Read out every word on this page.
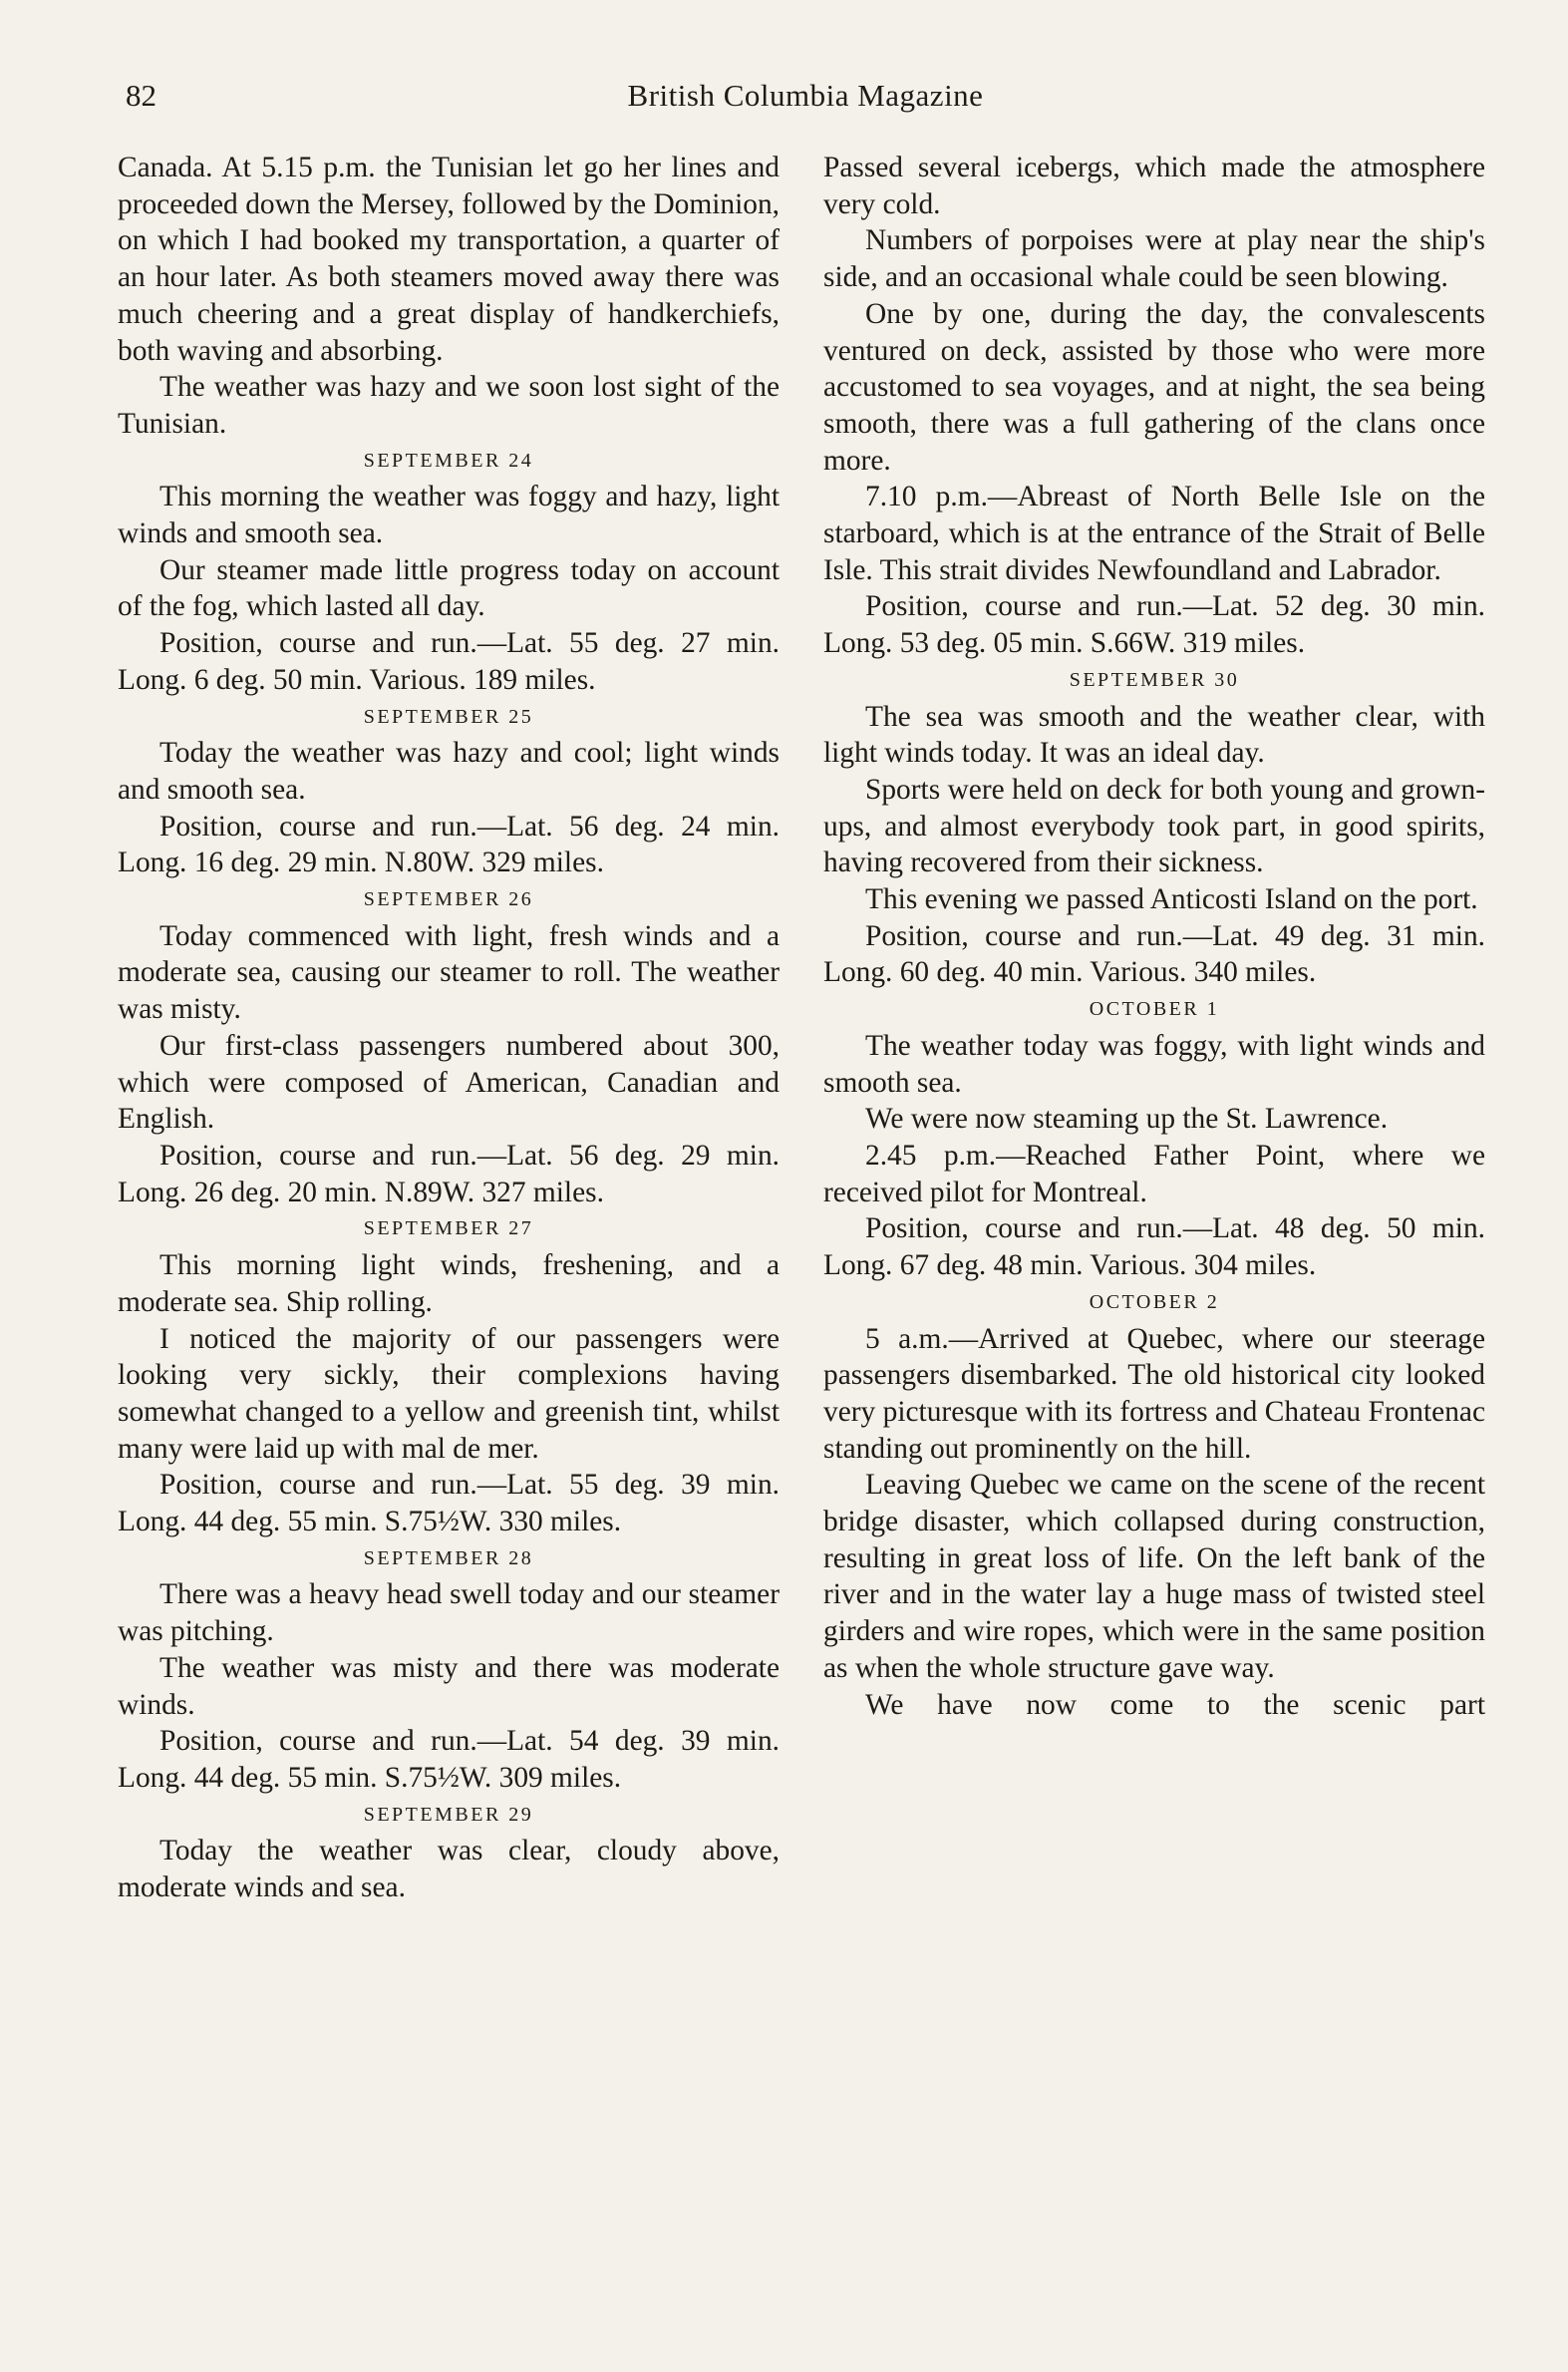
82	British Columbia Magazine

Canada. At 5.15 p.m. the Tunisian let go her lines and proceeded down the Mersey, followed by the Dominion, on which I had booked my transportation, a quarter of an hour later. As both steamers moved away there was much cheering and a great display of handkerchiefs, both waving and absorbing.

The weather was hazy and we soon lost sight of the Tunisian.

SEPTEMBER 24

This morning the weather was foggy and hazy, light winds and smooth sea.

Our steamer made little progress today on account of the fog, which lasted all day.

Position, course and run.—Lat. 55 deg. 27 min. Long. 6 deg. 50 min. Various. 189 miles.

SEPTEMBER 25

Today the weather was hazy and cool; light winds and smooth sea.

Position, course and run.—Lat. 56 deg. 24 min. Long. 16 deg. 29 min. N.80W. 329 miles.

SEPTEMBER 26

Today commenced with light, fresh winds and a moderate sea, causing our steamer to roll. The weather was misty.

Our first-class passengers numbered about 300, which were composed of American, Canadian and English.

Position, course and run.—Lat. 56 deg. 29 min. Long. 26 deg. 20 min. N.89W. 327 miles.

SEPTEMBER 27

This morning light winds, freshening, and a moderate sea. Ship rolling.

I noticed the majority of our passengers were looking very sickly, their complexions having somewhat changed to a yellow and greenish tint, whilst many were laid up with mal de mer.

Position, course and run.—Lat. 55 deg. 39 min. Long. 44 deg. 55 min. S.75½W. 330 miles.

SEPTEMBER 28

There was a heavy head swell today and our steamer was pitching.

The weather was misty and there was moderate winds.

Position, course and run.—Lat. 54 deg. 39 min. Long. 44 deg. 55 min. S.75½W. 309 miles.

SEPTEMBER 29

Today the weather was clear, cloudy above, moderate winds and sea.

Passed several icebergs, which made the atmosphere very cold.

Numbers of porpoises were at play near the ship's side, and an occasional whale could be seen blowing.

One by one, during the day, the convalescents ventured on deck, assisted by those who were more accustomed to sea voyages, and at night, the sea being smooth, there was a full gathering of the clans once more.

7.10 p.m.—Abreast of North Belle Isle on the starboard, which is at the entrance of the Strait of Belle Isle. This strait divides Newfoundland and Labrador.

Position, course and run.—Lat. 52 deg. 30 min. Long. 53 deg. 05 min. S.66W. 319 miles.

SEPTEMBER 30

The sea was smooth and the weather clear, with light winds today. It was an ideal day.

Sports were held on deck for both young and grown-ups, and almost everybody took part, in good spirits, having recovered from their sickness.

This evening we passed Anticosti Island on the port.

Position, course and run.—Lat. 49 deg. 31 min. Long. 60 deg. 40 min. Various. 340 miles.

OCTOBER 1

The weather today was foggy, with light winds and smooth sea.

We were now steaming up the St. Lawrence.

2.45 p.m.—Reached Father Point, where we received pilot for Montreal.

Position, course and run.—Lat. 48 deg. 50 min. Long. 67 deg. 48 min. Various. 304 miles.

OCTOBER 2

5 a.m.—Arrived at Quebec, where our steerage passengers disembarked. The old historical city looked very picturesque with its fortress and Chateau Frontenac standing out prominently on the hill.

Leaving Quebec we came on the scene of the recent bridge disaster, which collapsed during construction, resulting in great loss of life. On the left bank of the river and in the water lay a huge mass of twisted steel girders and wire ropes, which were in the same position as when the whole structure gave way.

We have now come to the scenic part
